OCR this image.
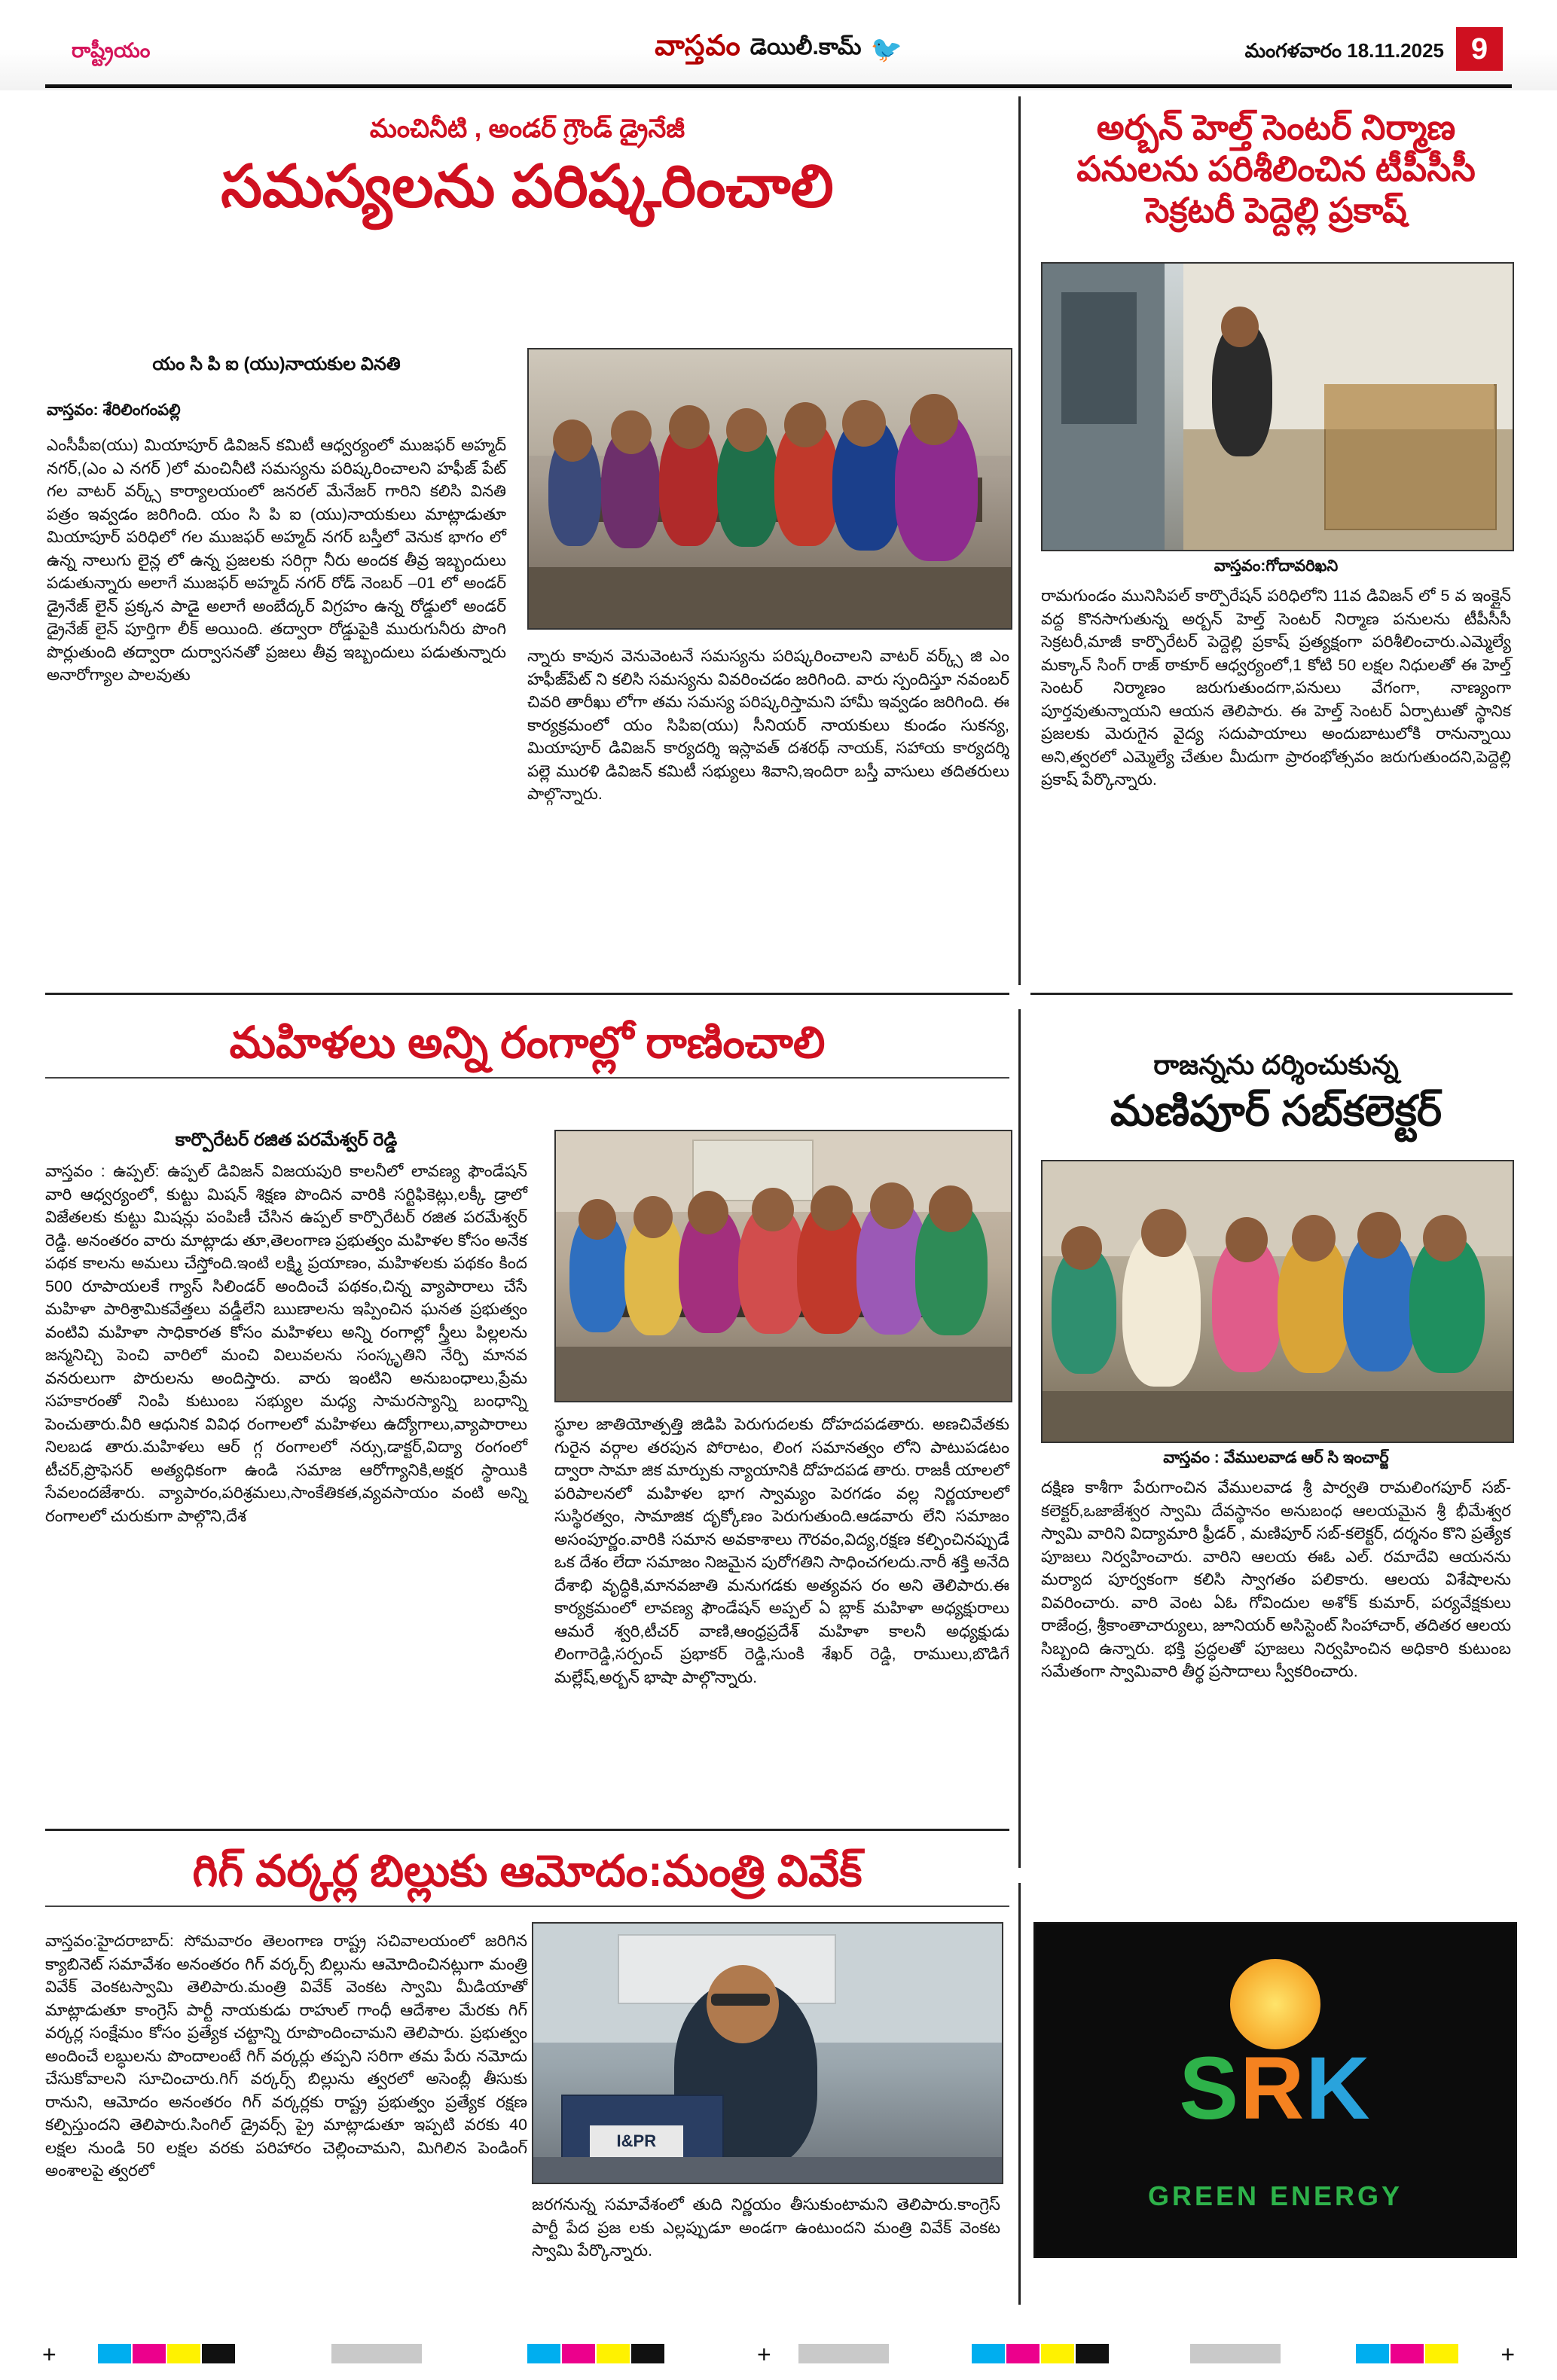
రాష్ట్రీయం	వాస్తవం డెయిలీ.కామ్ 🐦	మంగళవారం 18.11.2025 9
మంచినీటి , అండర్ గ్రౌండ్ డ్రైనేజీ
సమస్యలను పరిష్కరించాలి
యం సి పి ఐ (యు)నాయకుల వినతి
వాస్తవం: శేరిలింగంపల్లి
ఎంసీపీఐ(యు) మియాపూర్ డివిజన్ కమిటీ ఆధ్వర్యంలో ముజఫర్ అహ్మద్ నగర్,(ఎం ఎ నగర్ )లో మంచినీటి సమస్యను పరిష్కరించాలని హఫీజ్ పేట్ గల వాటర్ వర్క్స్ కార్యాలయంలో జనరల్ మేనేజర్ గారిని కలిసి వినతి పత్రం ఇవ్వడం జరిగింది. యం సి పి ఐ (యు)నాయకులు మాట్లాడుతూ మియాపూర్ పరిధిలో గల ముజఫర్ అహ్మద్ నగర్ బస్తీలో వెనుక భాగం లో ఉన్న నాలుగు లైన్ల లో ఉన్న ప్రజలకు సరిగ్గా నీరు అందక తీవ్ర ఇబ్బందులు పడుతున్నారు అలాగే ముజఫర్ అహ్మద్ నగర్ రోడ్ నెంబర్ –01 లో అండర్ డ్రైనేజ్ లైన్ ప్రక్కన పాడై అలాగే అంబేద్కర్ విగ్రహం ఉన్న రోడ్డులో అండర్ డ్రైనేజ్ లైన్ పూర్తిగా లీక్ అయింది. తద్వారా రోడ్డుపైకి మురుగునీరు పొంగి పొర్లుతుంది తద్వారా దుర్వాసనతో ప్రజలు తీవ్ర ఇబ్బందులు పడుతున్నారు అనారోగ్యాల పాలవుతు
న్నారు కావున వెనువెంటనే సమస్యను పరిష్కరించాలని వాటర్ వర్క్స్ జి ఎం హఫీజ్‌పేట్ ని కలిసి సమస్యను వివరించడం జరిగింది. వారు స్పందిస్తూ నవంబర్ చివరి తారీఖు లోగా తమ సమస్య పరిష్కరిస్తామని హామీ ఇవ్వడం జరిగింది. ఈ కార్యక్రమంలో యం సిపిఐ(యు) సీనియర్ నాయకులు కుండం సుకన్య, మియాపూర్ డివిజన్ కార్యదర్శి ఇస్లావత్ దశరథ్ నాయక్, సహాయ కార్యదర్శి పల్లె మురళి డివిజన్ కమిటీ సభ్యులు శివాని,ఇందిరా బస్తీ వాసులు తదితరులు పాల్గొన్నారు.
అర్బన్ హెల్త్ సెంటర్ నిర్మాణ పనులను పరిశీలించిన టీపీసీసీ సెక్రటరీ పెద్దెల్లి ప్రకాష్
వాస్తవం:గోదావరిఖని
రామగుండం మునిసిపల్ కార్పొరేషన్ పరిధిలోని 11వ డివిజన్ లో 5 వ ఇంక్లైన్ వద్ద కొనసాగుతున్న అర్బన్ హెల్త్ సెంటర్ నిర్మాణ పనులను టీపీసీసీ సెక్రటరీ,మాజీ కార్పొరేటర్ పెద్దెల్లి ప్రకాష్ ప్రత్యక్షంగా పరిశీలించారు.ఎమ్మెల్యే మక్కాన్ సింగ్ రాజ్ ఠాకూర్ ఆధ్వర్యంలో,1 కోటి 50 లక్షల నిధులతో ఈ హెల్త్ సెంటర్ నిర్మాణం జరుగుతుందగా,పనులు వేగంగా, నాణ్యంగా పూర్తవుతున్నాయని ఆయన తెలిపారు. ఈ హెల్త్ సెంటర్ ఏర్పాటుతో స్థానిక ప్రజలకు మెరుగైన వైద్య సదుపాయాలు అందుబాటులోకి రానున్నాయి అని,త్వరలో ఎమ్మెల్యే చేతుల మీదుగా ప్రారంభోత్సవం జరుగుతుందని,పెద్దెల్లి ప్రకాష్ పేర్కొన్నారు.
మహిళలు అన్ని రంగాల్లో రాణించాలి
కార్పొరేటర్ రజిత పరమేశ్వర్ రెడ్డి
వాస్తవం : ఉప్పల్: ఉప్పల్ డివిజన్ విజయపురి కాలనీలో లావణ్య ఫౌండేషన్ వారి ఆధ్వర్యంలో, కుట్టు మిషన్ శిక్షణ పొందిన వారికి సర్టిఫికెట్లు,లక్కీ డ్రాలో విజేతలకు కుట్టు మిషన్లు పంపిణీ చేసిన ఉప్పల్ కార్పొరేటర్ రజిత పరమేశ్వర్ రెడ్డి. అనంతరం వారు మాట్లాడు తూ,తెలంగాణ ప్రభుత్వం మహిళల కోసం అనేక పథక కాలను అమలు చేస్తోంది.ఇంటి లక్ష్మి ప్రయాణం, మహిళలకు పథకం కింద 500 రూపాయలకే గ్యాస్ సిలిండర్ అందించే పథకం,చిన్న వ్యాపారాలు చేసే మహిళా పారిశ్రామికవేత్తలు వడ్డీలేని ఋణాలను ఇప్పించిన ఘనత ప్రభుత్వం వంటివి మహిళా సాధికారత కోసం మహిళలు అన్ని రంగాల్లో స్త్రీలు పిల్లలను జన్మనిచ్చి పెంచి వారిలో మంచి విలువలను సంస్కృతిని నేర్పి మానవ వనరులుగా పొరులను అందిస్తారు. వారు ఇంటిని అనుబంధాలు,ప్రేమ సహకారంతో నింపి కుటుంబ సభ్యుల మధ్య సామరస్యాన్ని బంధాన్ని పెంచుతారు.వీరి ఆధునిక వివిధ రంగాలలో మహిళలు ఉద్యోగాలు,వ్యాపారాలు నిలబడ తారు.మహిళలు ఆర్ గ్గ రంగాలలో నర్సు,డాక్టర్,విద్యా రంగంలో టీచర్,ప్రొఫెసర్ అత్యధికంగా ఉండి సమాజ ఆరోగ్యానికి,అక్షర స్థాయికి సేవలందజేశారు. వ్యాపారం,పరిశ్రమలు,సాంకేతికత,వ్యవసాయం వంటి అన్ని రంగాలలో చురుకుగా పాల్గొని,దేశ
స్థూల జాతియోత్పత్తి జిడిపి పెరుగుదలకు దోహదపడతారు. అణచివేతకు గురైన వర్గాల తరపున పోరాటం, లింగ సమానత్వం లోని పాటుపడటం ద్వారా సామా జిక మార్పుకు న్యాయానికి దోహదపడ తారు. రాజకీ యాలలో పరిపాలనలో మహిళల భాగ స్వామ్యం పెరగడం వల్ల నిర్ణయాలలో సుస్థిరత్వం, సామాజిక దృక్కోణం పెరుగుతుంది.ఆడవారు లేని సమాజం అసంపూర్ణం.వారికి సమాన అవకాశాలు గౌరవం,విద్య,రక్షణ కల్పించినప్పుడే ఒక దేశం లేదా సమాజం నిజమైన పురోగతిని సాధించగలదు.నారీ శక్తి అనేది దేశాభి వృద్ధికి,మానవజాతి మనుగడకు అత్యవస రం అని తెలిపారు.ఈ కార్యక్రమంలో లావణ్య ఫౌండేషన్ అప్పల్ ఏ బ్లాక్ మహిళా అధ్యక్షురాలు ఆమరే శ్వరి,టీచర్ వాణి,ఆంధ్రప్రదేశ్ మహిళా కాలనీ అధ్యక్షుడు లింగారెడ్డి,సర్పంచ్ ప్రభాకర్ రెడ్డి,సుంకి శేఖర్ రెడ్డి, రాములు,బొడిగే మల్లేష్,అర్బన్ భాషా పాల్గొన్నారు.
రాజన్నను దర్శించుకున్న
మణిపూర్ సబ్‌కలెక్టర్
వాస్తవం : వేములవాడ ఆర్ సి ఇంచార్జ్
దక్షిణ కాశీగా పేరుగాంచిన వేములవాడ శ్రీ పార్వతి రామలింగపూర్ సబ్-కలెక్టర్,ఒజాజేశ్వర స్వామి దేవస్థానం అనుబంధ ఆలయమైన శ్రీ భీమేశ్వర స్వామి వారిని విద్యామారి ఫ్రీడర్ , మణిపూర్ సబ్-కలెక్టర్, దర్శనం కొని ప్రత్యేక పూజలు నిర్వహించారు. వారిని ఆలయ ఈఓ ఎల్. రమాదేవి ఆయనను మర్యాద పూర్వకంగా కలిసి స్వాగతం పలికారు. ఆలయ విశేషాలను వివరించారు. వారి వెంట ఏఓ గోవిందుల అశోక్ కుమార్, పర్యవేక్షకులు రాజేంద్ర, శ్రీకాంతాచార్యులు, జూనియర్ అసిస్టెంట్ సింహాచార్, తదితర ఆలయ సిబ్బంది ఉన్నారు. భక్తి ప్రద్ధలతో పూజలు నిర్వహించిన అధికారి కుటుంబ సమేతంగా స్వామివారి తీర్థ ప్రసాదాలు స్వీకరించారు.
గిగ్ వర్కర్ల బిల్లుకు ఆమోదం:మంత్రి వివేక్
వాస్తవం:హైదరాబాద్: సోమవారం తెలంగాణ రాష్ట్ర సచివాలయంలో జరిగిన క్యాబినెట్ సమావేశం అనంతరం గిగ్ వర్కర్స్ బిల్లును ఆమోదించినట్లుగా మంత్రి వివేక్ వెంకటస్వామి తెలిపారు.మంత్రి వివేక్ వెంకట స్వామి మీడియాతో మాట్లాడుతూ కాంగ్రెస్ పార్టీ నాయకుడు రాహుల్ గాంధీ ఆదేశాల మేరకు గిగ్ వర్కర్ల సంక్షేమం కోసం ప్రత్యేక చట్టాన్ని రూపొందించామని తెలిపారు. ప్రభుత్వం అందించే లబ్ధులను పొందాలంటే గిగ్ వర్కర్లు తప్పని సరిగా తమ పేరు నమోదు చేసుకోవాలని సూచించారు.గిగ్ వర్కర్స్ బిల్లును త్వరలో అసెంబ్లీ తీసుకు రానుని, ఆమోదం అనంతరం గిగ్ వర్కర్లకు రాష్ట్ర ప్రభుత్వం ప్రత్యేక రక్షణ కల్పిస్తుందని తెలిపారు.సింగిల్ డ్రైవర్స్ ప్రై మాట్లాడుతూ ఇప్పటి వరకు 40 లక్షల నుండి 50 లక్షల వరకు పరిహారం చెల్లించామని, మిగిలిన పెండింగ్ అంశాలపై త్వరలో
I&PR
జరగనున్న సమావేశంలో తుది నిర్ణయం తీసుకుంటామని తెలిపారు.కాంగ్రెస్ పార్టీ పేద ప్రజ లకు ఎల్లప్పుడూ అండగా ఉంటుందని మంత్రి వివేక్ వెంకట స్వామి పేర్కొన్నారు.
SRK
GREEN ENERGY
+	+	+
